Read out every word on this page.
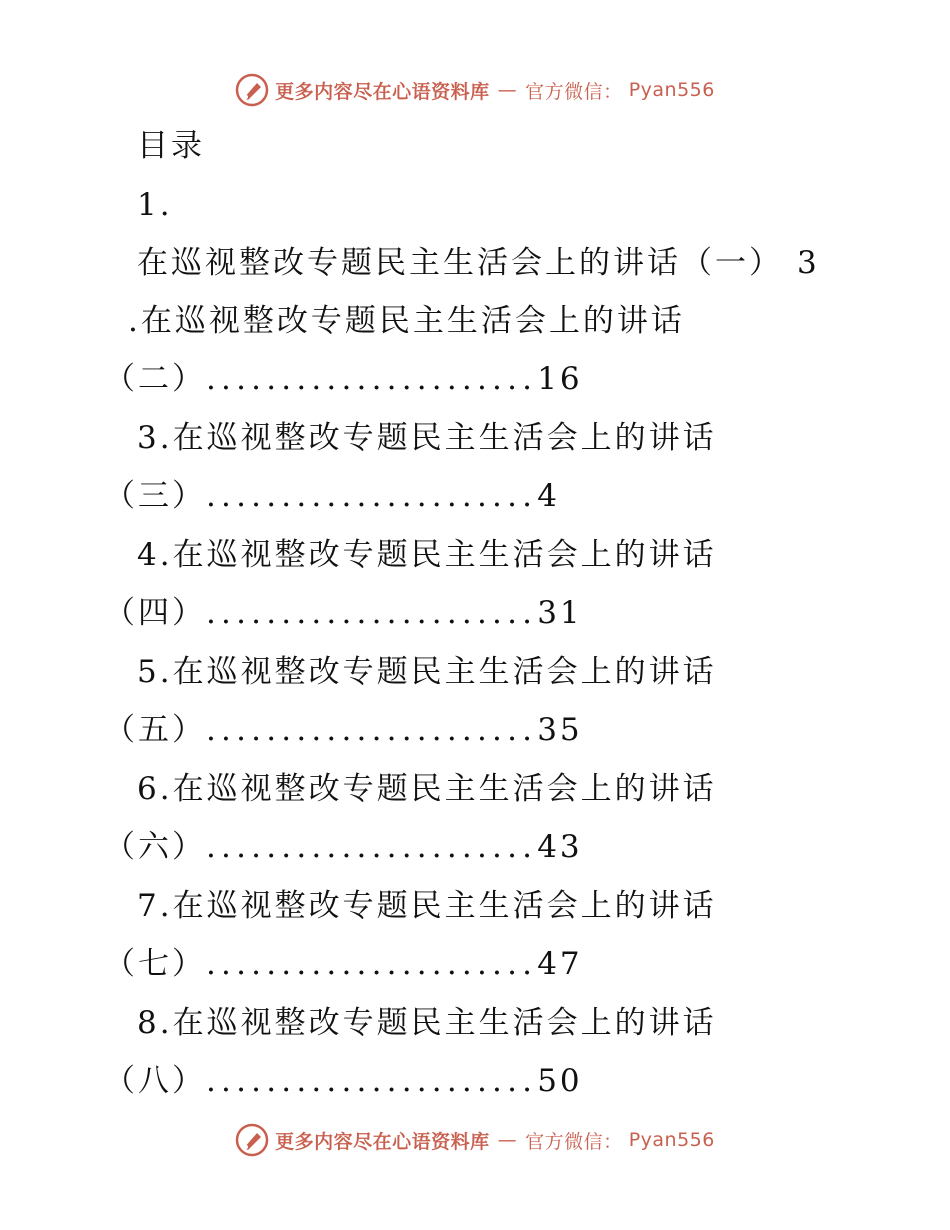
更多内容尽在心语资料库 — 官方微信： Pyan556
目录
1.
在巡视整改专题民主生活会上的讲话（一） 3
.在巡视整改专题民主生活会上的讲话
（二）......................16
3.在巡视整改专题民主生活会上的讲话
（三）......................4
4.在巡视整改专题民主生活会上的讲话
（四）......................31
5.在巡视整改专题民主生活会上的讲话
（五）......................35
6.在巡视整改专题民主生活会上的讲话
（六）......................43
7.在巡视整改专题民主生活会上的讲话
（七）......................47
8.在巡视整改专题民主生活会上的讲话
（八）......................50
更多内容尽在心语资料库 — 官方微信： Pyan556
